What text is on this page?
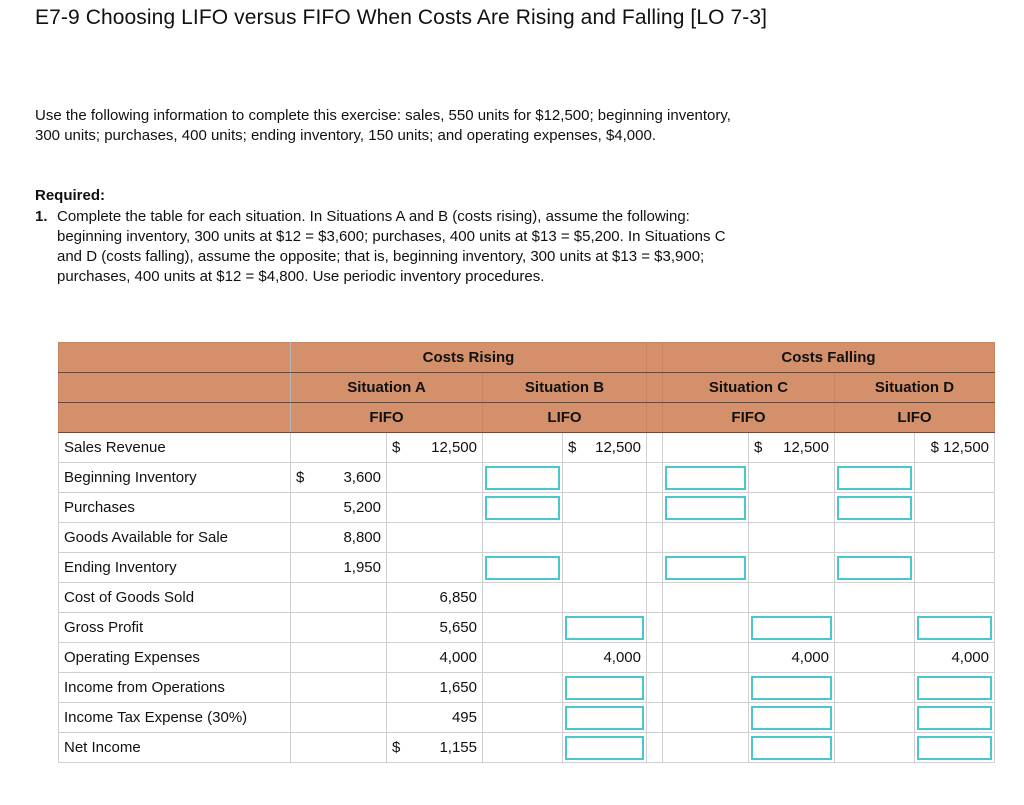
E7-9 Choosing LIFO versus FIFO When Costs Are Rising and Falling [LO 7-3]
Use the following information to complete this exercise: sales, 550 units for $12,500; beginning inventory,
300 units; purchases, 400 units; ending inventory, 150 units; and operating expenses, $4,000.
Required:
1. Complete the table for each situation. In Situations A and B (costs rising), assume the following:
beginning inventory, 300 units at $12 = $3,600; purchases, 400 units at $13 = $5,200. In Situations C
and D (costs falling), assume the opposite; that is, beginning inventory, 300 units at $13 = $3,900;
purchases, 400 units at $12 = $4,800. Use periodic inventory procedures.
	Costs Rising					Costs Falling			
	Situation A		Situation B			Situation C		Situation D	
	FIFO		LIFO			FIFO		LIFO	
Sales Revenue		$ 12,500		$ 12,500			$ 12,500		$ 12,500
Beginning Inventory	$ 3,600								

Purchases	5,200		

Goods Available for Sale	8,800								
Ending Inventory	1,950		

Cost of Goods Sold		6,850							
Gross Profit		5,650		

Operating Expenses		4,000		4,000			4,000		4,000
Income from Operations		1,650		

Income Tax Expense (30%)		495		

Net Income		$ 1,155							
